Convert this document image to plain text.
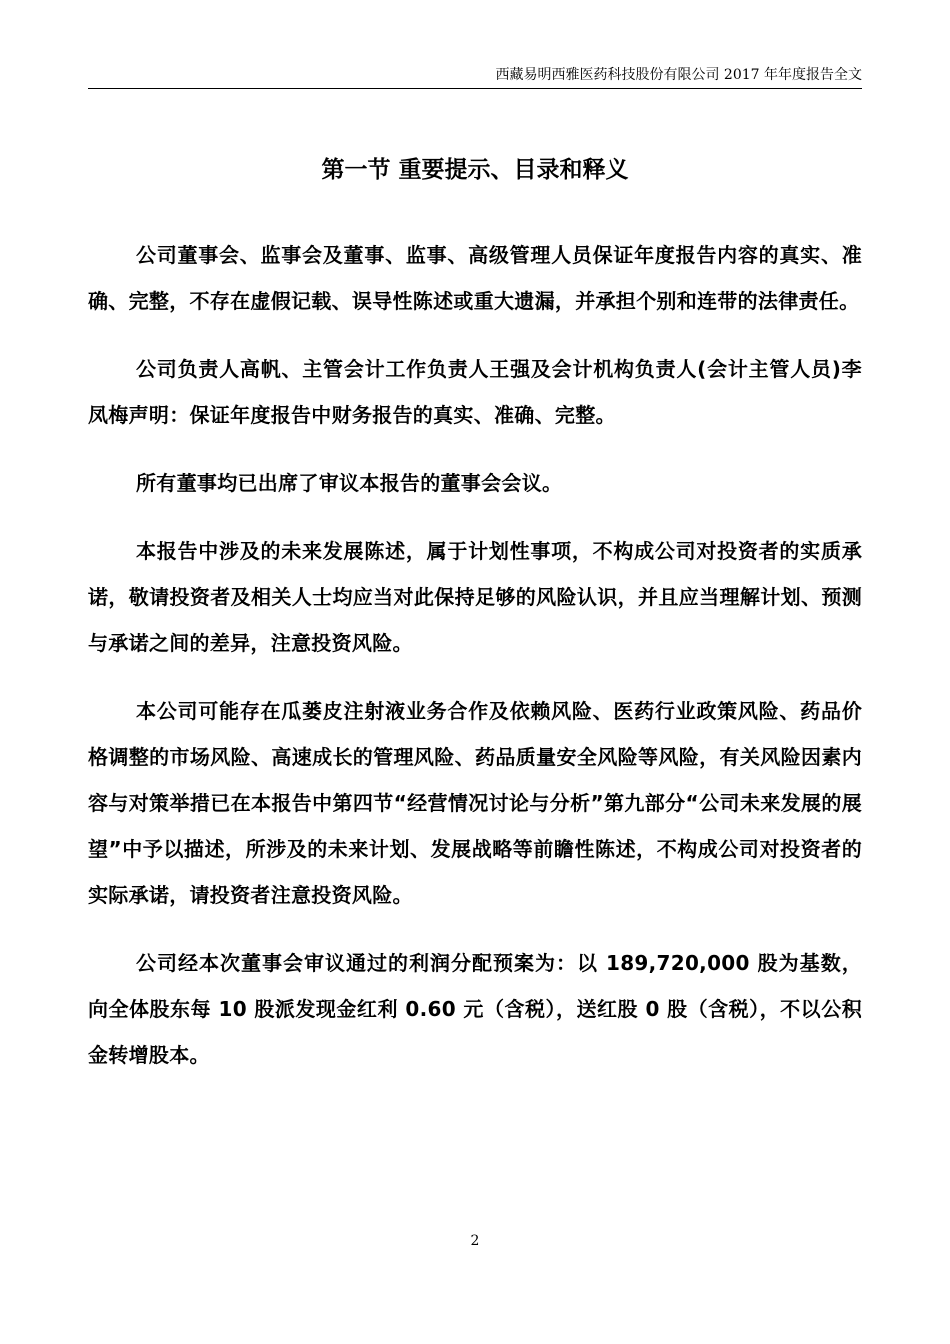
西藏易明西雅医药科技股份有限公司 2017 年年度报告全文
第一节 重要提示、目录和释义

公司董事会、监事会及董事、监事、高级管理人员保证年度报告内容的真实、准确、完整，不存在虚假记载、误导性陈述或重大遗漏，并承担个别和连带的法律责任。

公司负责人高帆、主管会计工作负责人王强及会计机构负责人(会计主管人员)李凤梅声明：保证年度报告中财务报告的真实、准确、完整。

所有董事均已出席了审议本报告的董事会会议。

本报告中涉及的未来发展陈述，属于计划性事项，不构成公司对投资者的实质承诺，敬请投资者及相关人士均应当对此保持足够的风险认识，并且应当理解计划、预测与承诺之间的差异，注意投资风险。

本公司可能存在瓜蒌皮注射液业务合作及依赖风险、医药行业政策风险、药品价格调整的市场风险、高速成长的管理风险、药品质量安全风险等风险，有关风险因素内容与对策举措已在本报告中第四节“经营情况讨论与分析”第九部分“公司未来发展的展望”中予以描述，所涉及的未来计划、发展战略等前瞻性陈述，不构成公司对投资者的实际承诺，请投资者注意投资风险。

公司经本次董事会审议通过的利润分配预案为：以 189,720,000 股为基数，向全体股东每 10 股派发现金红利 0.60 元（含税），送红股 0 股（含税），不以公积金转增股本。

2
